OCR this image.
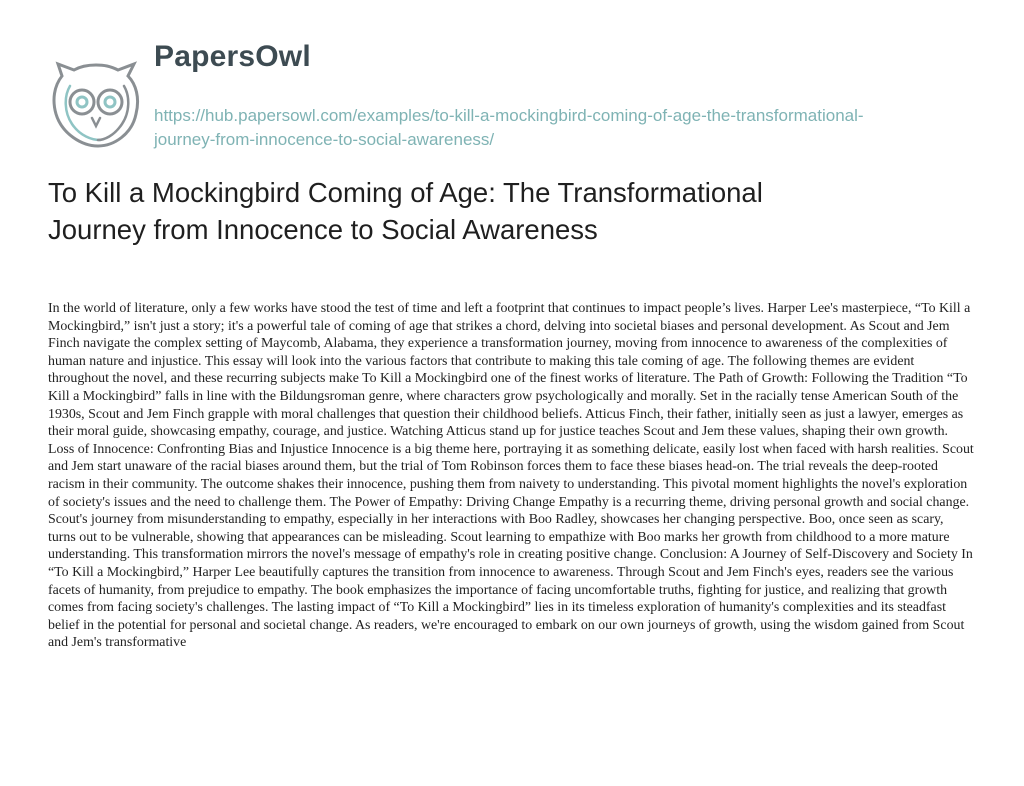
PapersOwl
https://hub.papersowl.com/examples/to-kill-a-mockingbird-coming-of-age-the-transformational-journey-from-innocence-to-social-awareness/
To Kill a Mockingbird Coming of Age: The Transformational Journey from Innocence to Social Awareness

In the world of literature, only a few works have stood the test of time and left a footprint that continues to impact people’s lives. Harper Lee's masterpiece, “To Kill a Mockingbird,” isn't just a story; it's a powerful tale of coming of age that strikes a chord, delving into societal biases and personal development. As Scout and Jem Finch navigate the complex setting of Maycomb, Alabama, they experience a transformation journey, moving from innocence to awareness of the complexities of human nature and injustice. This essay will look into the various factors that contribute to making this tale coming of age. The following themes are evident throughout the novel, and these recurring subjects make To Kill a Mockingbird one of the finest works of literature. The Path of Growth: Following the Tradition “To Kill a Mockingbird” falls in line with the Bildungsroman genre, where characters grow psychologically and morally. Set in the racially tense American South of the 1930s, Scout and Jem Finch grapple with moral challenges that question their childhood beliefs. Atticus Finch, their father, initially seen as just a lawyer, emerges as their moral guide, showcasing empathy, courage, and justice. Watching Atticus stand up for justice teaches Scout and Jem these values, shaping their own growth. Loss of Innocence: Confronting Bias and Injustice Innocence is a big theme here, portraying it as something delicate, easily lost when faced with harsh realities. Scout and Jem start unaware of the racial biases around them, but the trial of Tom Robinson forces them to face these biases head-on. The trial reveals the deep-rooted racism in their community. The outcome shakes their innocence, pushing them from naivety to understanding. This pivotal moment highlights the novel's exploration of society's issues and the need to challenge them. The Power of Empathy: Driving Change Empathy is a recurring theme, driving personal growth and social change. Scout's journey from misunderstanding to empathy, especially in her interactions with Boo Radley, showcases her changing perspective. Boo, once seen as scary, turns out to be vulnerable, showing that appearances can be misleading. Scout learning to empathize with Boo marks her growth from childhood to a more mature understanding. This transformation mirrors the novel's message of empathy's role in creating positive change. Conclusion: A Journey of Self-Discovery and Society In “To Kill a Mockingbird,” Harper Lee beautifully captures the transition from innocence to awareness. Through Scout and Jem Finch's eyes, readers see the various facets of humanity, from prejudice to empathy. The book emphasizes the importance of facing uncomfortable truths, fighting for justice, and realizing that growth comes from facing society's challenges. The lasting impact of “To Kill a Mockingbird” lies in its timeless exploration of humanity's complexities and its steadfast belief in the potential for personal and societal change. As readers, we're encouraged to embark on our own journeys of growth, using the wisdom gained from Scout and Jem's transformative
